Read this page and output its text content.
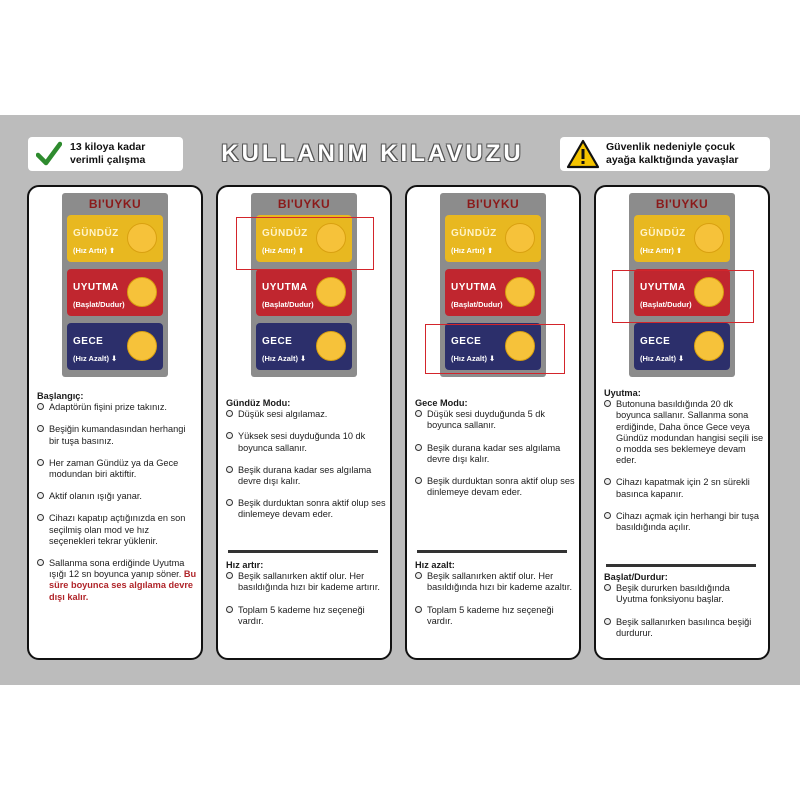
13 kiloya kadar
verimli çalışma	KULLANIM KILAVUZU	Güvenlik nedeniyle çocuk
ayağa kalktığında yavaşlar
BI'UYKU
GÜNDÜZ
(Hız Artır) ⬆
UYUTMA
(Başlat/Dudur)
GECE
(Hız Azalt) ⬇
Başlangıç:

Adaptörün fişini prize takınız.

Beşiğin kumandasından herhangi bir tuşa basınız.

Her zaman Gündüz ya da Gece modundan biri aktiftir.

Aktif olanın ışığı yanar.

Cihazı kapatıp açtığınızda en son seçilmiş olan mod ve hız seçenekleri tekrar yüklenir.

Sallanma sona erdiğinde Uyutma ışığı 12 sn boyunca yanıp söner. Bu süre boyunca ses algılama devre dışı kalır.

BI'UYKU
GÜNDÜZ
(Hız Artır) ⬆
UYUTMA
(Başlat/Dudur)
GECE
(Hız Azalt) ⬇
Gündüz Modu:

Düşük sesi algılamaz.

Yüksek sesi duyduğunda 10 dk boyunca sallanır.

Beşik durana kadar ses algılama devre dışı kalır.

Beşik durduktan sonra aktif olup ses dinlemeye devam eder.

Hız artır:

Beşik sallanırken aktif olur. Her basıldığında hızı bir kademe artırır.

Toplam 5 kademe hız seçeneği vardır.

BI'UYKU
GÜNDÜZ
(Hız Artır) ⬆
UYUTMA
(Başlat/Dudur)
GECE
(Hız Azalt) ⬇
Gece Modu:

Düşük sesi duyduğunda 5 dk boyunca sallanır.

Beşik durana kadar ses algılama devre dışı kalır.

Beşik durduktan sonra aktif olup ses dinlemeye devam eder.

Hız azalt:

Beşik sallanırken aktif olur. Her basıldığında hızı bir kademe azaltır.

Toplam 5 kademe hız seçeneği vardır.

BI'UYKU
GÜNDÜZ
(Hız Artır) ⬆
UYUTMA
(Başlat/Dudur)
GECE
(Hız Azalt) ⬇
Uyutma:

Butonuna basıldığında 20 dk boyunca sallanır. Sallanma sona erdiğinde, Daha önce Gece veya Gündüz modundan hangisi seçili ise o modda ses beklemeye devam eder.

Cihazı kapatmak için 2 sn sürekli basınca kapanır.

Cihazı açmak için herhangi bir tuşa basıldığında açılır.

Başlat/Durdur:

Beşik dururken basıldığında Uyutma fonksiyonu başlar.

Beşik sallanırken basılınca beşiği durdurur.
